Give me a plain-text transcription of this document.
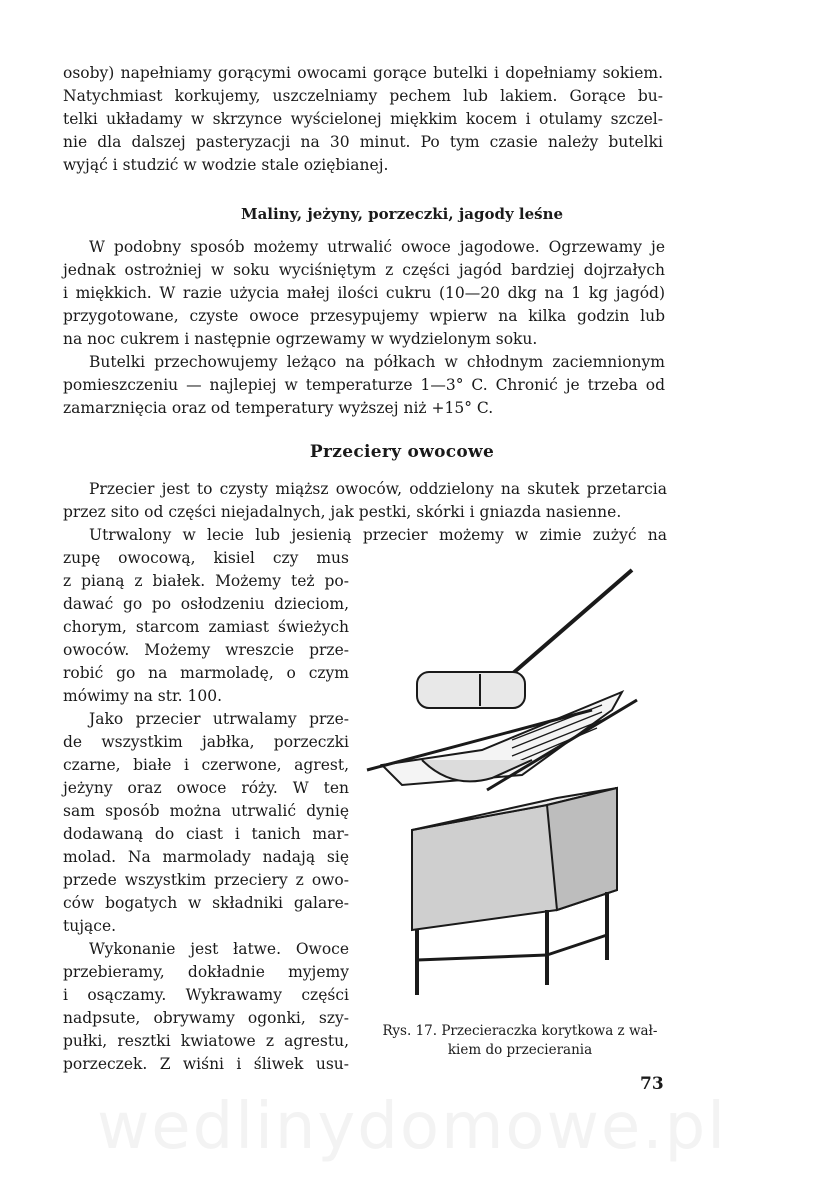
osoby) napełniamy gorącymi owocami gorące butelki i dopełniamy sokiem.
Natychmiast korkujemy, uszczelniamy pechem lub lakiem. Gorące bu-
telki układamy w skrzynce wyścielonej miękkim kocem i otulamy szczel-
nie dla dalszej pasteryzacji na 30 minut. Po tym czasie należy butelki
wyjąć i studzić w wodzie stale oziębianej.
Maliny, jeżyny, porzeczki, jagody leśne
W podobny sposób możemy utrwalić owoce jagodowe. Ogrzewamy je
jednak ostrożniej w soku wyciśniętym z części jagód bardziej dojrzałych
i miękkich. W razie użycia małej ilości cukru (10—20 dkg na 1 kg jagód)
przygotowane, czyste owoce przesypujemy wpierw na kilka godzin lub
na noc cukrem i następnie ogrzewamy w wydzielonym soku.
Butelki przechowujemy leżąco na półkach w chłodnym zaciemnionym
pomieszczeniu — najlepiej w temperaturze 1—3° C. Chronić je trzeba od
zamarznięcia oraz od temperatury wyższej niż +15° C.
Przeciery owocowe
Przecier jest to czysty miąższ owoców, oddzielony na skutek przetarcia
przez sito od części niejadalnych, jak pestki, skórki i gniazda nasienne.
Utrwalony w lecie lub jesienią przecier możemy w zimie zużyć na
zupę owocową, kisiel czy mus
z pianą z białek. Możemy też po-
dawać go po osłodzeniu dzieciom,
chorym, starcom zamiast świeżych
owoców. Możemy wreszcie prze-
robić go na marmoladę, o czym
mówimy na str. 100.
Jako przecier utrwalamy prze-
de wszystkim jabłka, porzeczki
czarne, białe i czerwone, agrest,
jeżyny oraz owoce róży. W ten
sam sposób można utrwalić dynię
dodawaną do ciast i tanich mar-
molad. Na marmolady nadają się
przede wszystkim przeciery z owo-
ców bogatych w składniki galare-
tujące.
Wykonanie jest łatwe. Owoce
przebieramy, dokładnie myjemy
i osączamy. Wykrawamy części
nadpsute, obrywamy ogonki, szy-
pułki, resztki kwiatowe z agrestu,
porzeczek. Z wiśni i śliwek usu-
Rys. 17. Przecieraczka korytkowa z wał-
kiem do przecierania
73
wedlinydomowe.pl
